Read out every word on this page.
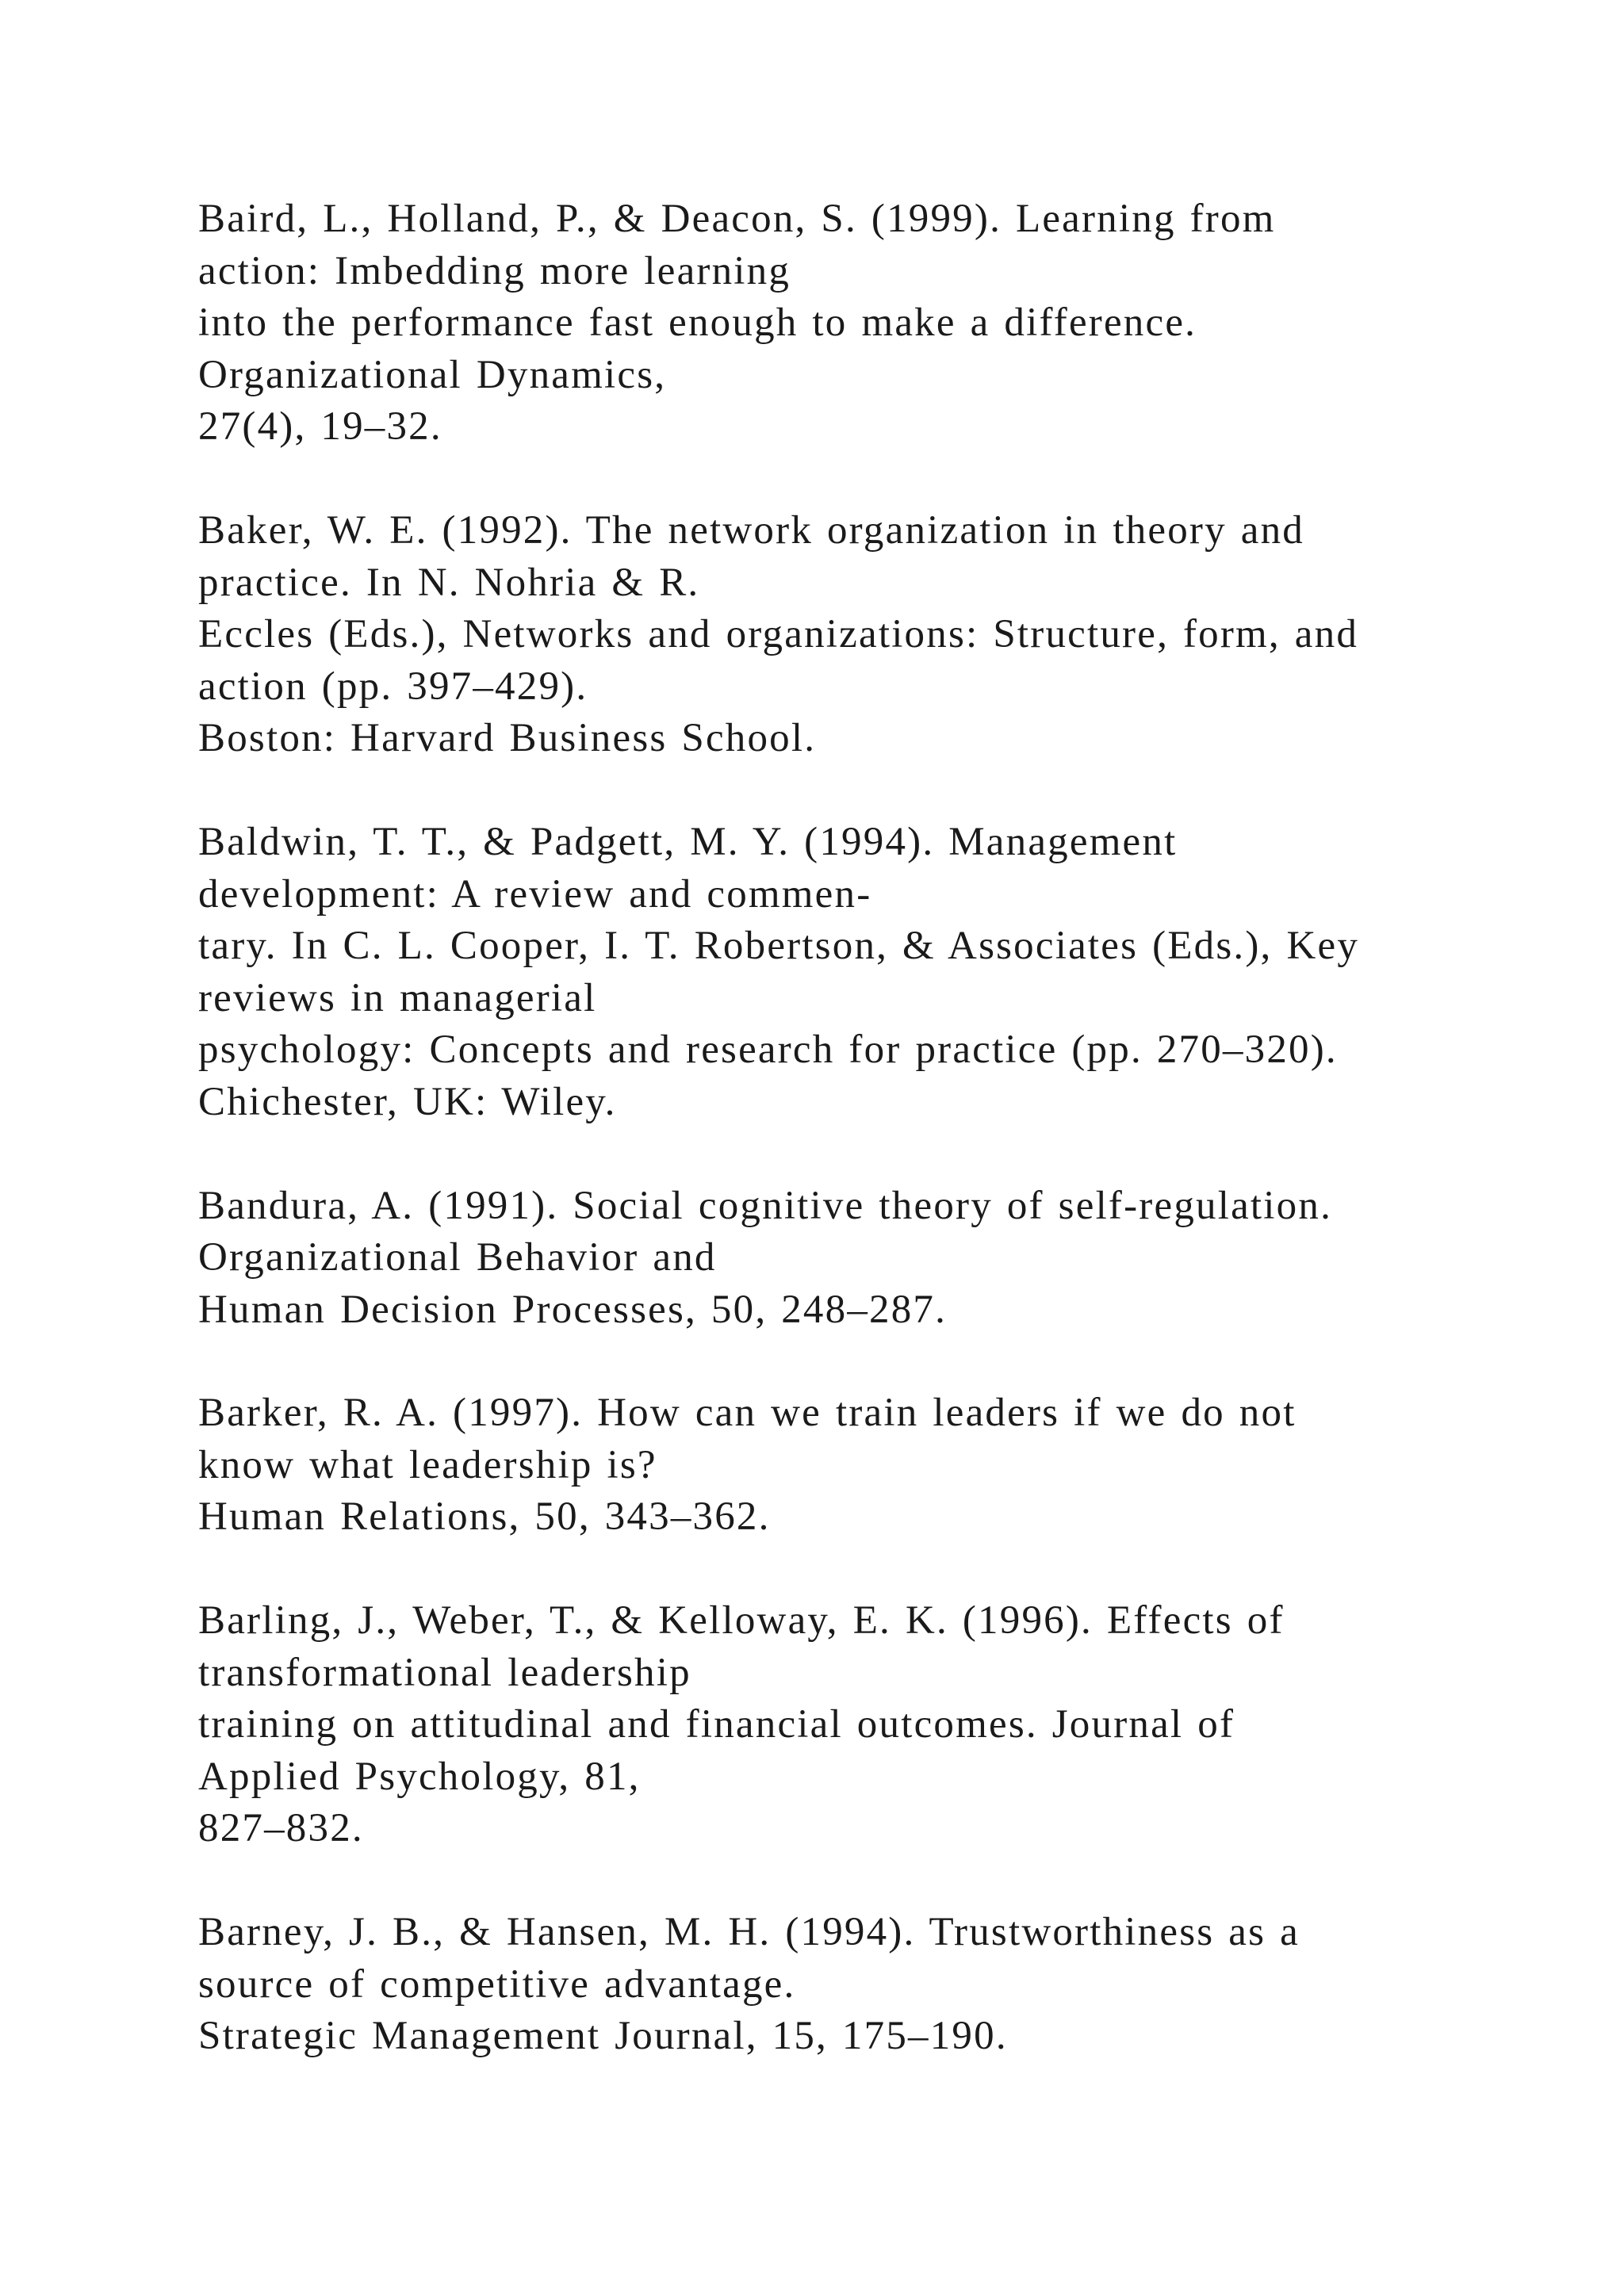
Baird, L., Holland, P., & Deacon, S. (1999). Learning from
action: Imbedding more learning
into the performance fast enough to make a difference.
Organizational Dynamics,
27(4), 19–32.
Baker, W. E. (1992). The network organization in theory and
practice. In N. Nohria & R.
Eccles (Eds.), Networks and organizations: Structure, form, and
action (pp. 397–429).
Boston: Harvard Business School.
Baldwin, T. T., & Padgett, M. Y. (1994). Management
development: A review and commen-
tary. In C. L. Cooper, I. T. Robertson, & Associates (Eds.), Key
reviews in managerial
psychology: Concepts and research for practice (pp. 270–320).
Chichester, UK: Wiley.
Bandura, A. (1991). Social cognitive theory of self-regulation.
Organizational Behavior and
Human Decision Processes, 50, 248–287.
Barker, R. A. (1997). How can we train leaders if we do not
know what leadership is?
Human Relations, 50, 343–362.
Barling, J., Weber, T., & Kelloway, E. K. (1996). Effects of
transformational leadership
training on attitudinal and financial outcomes. Journal of
Applied Psychology, 81,
827–832.
Barney, J. B., & Hansen, M. H. (1994). Trustworthiness as a
source of competitive advantage.
Strategic Management Journal, 15, 175–190.
